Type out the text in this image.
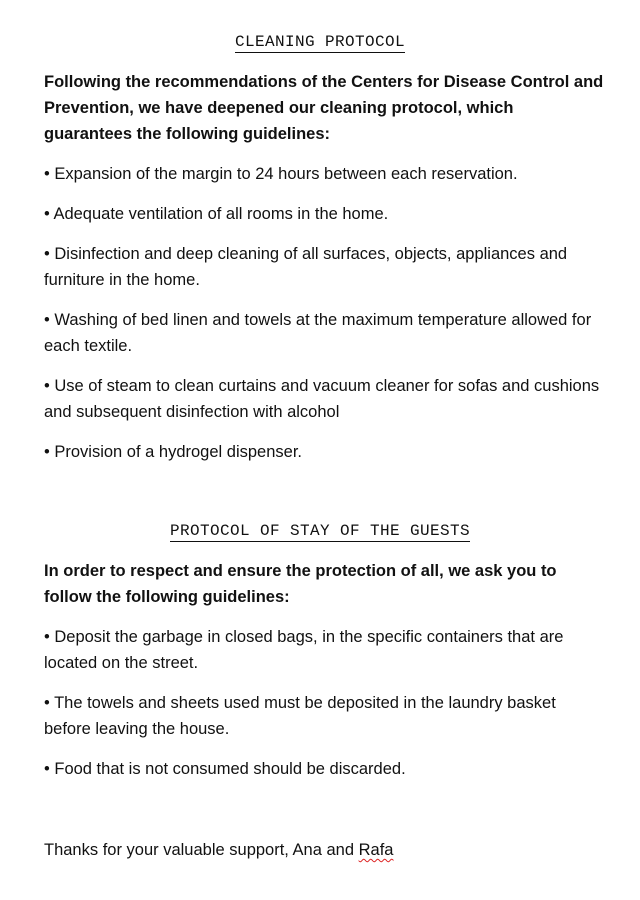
CLEANING PROTOCOL
Following the recommendations of the Centers for Disease Control and Prevention, we have deepened our cleaning protocol, which guarantees the following guidelines:
• Expansion of the margin to 24 hours between each reservation.
• Adequate ventilation of all rooms in the home.
• Disinfection and deep cleaning of all surfaces, objects, appliances and furniture in the home.
• Washing of bed linen and towels at the maximum temperature allowed for each textile.
• Use of steam to clean curtains and vacuum cleaner for sofas and cushions and subsequent disinfection with alcohol
• Provision of a hydrogel dispenser.
PROTOCOL OF STAY OF THE GUESTS
In order to respect and ensure the protection of all, we ask you to follow the following guidelines:
• Deposit the garbage in closed bags, in the specific containers that are located on the street.
• The towels and sheets used must be deposited in the laundry basket before leaving the house.
• Food that is not consumed should be discarded.
Thanks for your valuable support, Ana and Rafa
